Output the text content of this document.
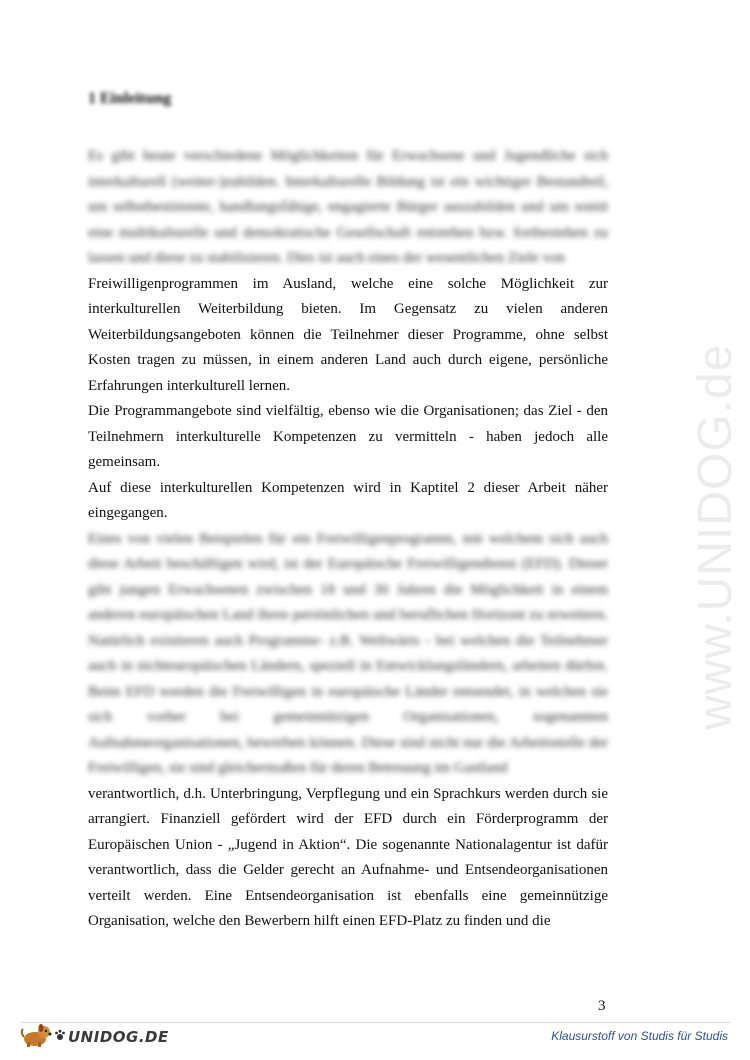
www.UNIDOG.de
1 Einleitung

Es gibt heute verschiedene Möglichkeiten für Erwachsene und Jugendliche sich interkulturell (weiter-)zubilden. Interkulturelle Bildung ist ein wichtiger Bestandteil, um selbstbestimmte, handlungsfähige, engagierte Bürger auszubilden und um somit eine multikulturelle und demokratische Gesellschaft entstehen bzw. fortbestehen zu lassen und diese zu stabilisieren. Dies ist auch eines der wesentlichen Ziele von

Freiwilligenprogrammen im Ausland, welche eine solche Möglichkeit zur interkulturellen Weiterbildung bieten. Im Gegensatz zu vielen anderen Weiterbildungsangeboten können die Teilnehmer dieser Programme, ohne selbst Kosten tragen zu müssen, in einem anderen Land auch durch eigene, persönliche Erfahrungen interkulturell lernen.

Die Programmangebote sind vielfältig, ebenso wie die Organisationen; das Ziel - den Teilnehmern interkulturelle Kompetenzen zu vermitteln - haben jedoch alle gemeinsam.

Auf diese interkulturellen Kompetenzen wird in Kaptitel 2 dieser Arbeit näher eingegangen.

Eines von vielen Beispielen für ein Freiwilligenprogramm, mit welchem sich auch diese Arbeit beschäftigen wird, ist der Europäische Freiwilligendienst (EFD). Dieser gibt jungen Erwachsenen zwischen 18 und 30 Jahren die Möglichkeit in einem anderen europäischen Land ihren persönlichen und beruflichen Horizont zu erweitern. Natürlich existieren auch Programme- z.B. Weltwärts - bei welchen die Teilnehmer auch in nichteuropäischen Ländern, speziell in Entwicklungsländern, arbeiten dürfen. Beim EFD werden die Freiwilligen in europäische Länder entsendet, in welchen sie sich vorher bei gemeinnützigen Organisationen, sogenannten Aufnahmeorganisationen, bewerben können. Diese sind nicht nur die Arbeitsstelle der Freiwilligen, sie sind gleichermaßen für deren Betreuung im Gastland

verantwortlich, d.h. Unterbringung, Verpflegung und ein Sprachkurs werden durch sie arrangiert. Finanziell gefördert wird der EFD durch ein Förderprogramm der Europäischen Union - „Jugend in Aktion“. Die sogenannte Nationalagentur ist dafür verantwortlich, dass die Gelder gerecht an Aufnahme- und Entsendeorganisationen verteilt werden. Eine Entsendeorganisation ist ebenfalls eine gemeinnützige Organisation, welche den Bewerbern hilft einen EFD-Platz zu finden und die

3
UNIDOG.DE	Klausurstoff von Studis für Studis
